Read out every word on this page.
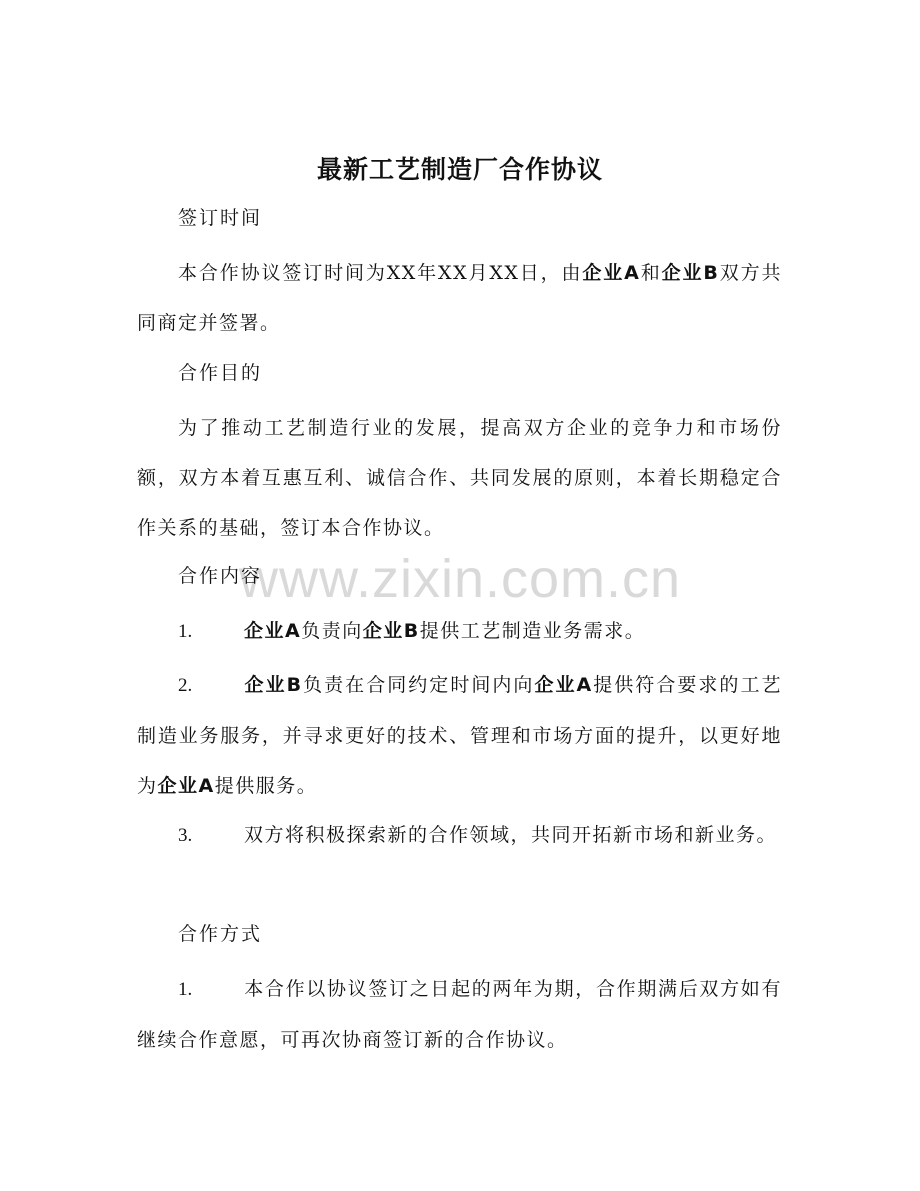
www.zixin.com.cn
最新工艺制造厂合作协议
签订时间
本合作协议签订时间为XX年XX月XX日，由企业A和企业B双方共同商定并签署。
合作目的
为了推动工艺制造行业的发展，提高双方企业的竞争力和市场份额，双方本着互惠互利、诚信合作、共同发展的原则，本着长期稳定合作关系的基础，签订本合作协议。
合作内容
1.	企业A负责向企业B提供工艺制造业务需求。
2.	企业B负责在合同约定时间内向企业A提供符合要求的工艺制造业务服务，并寻求更好的技术、管理和市场方面的提升，以更好地为企业A提供服务。
3.	双方将积极探索新的合作领域，共同开拓新市场和新业务。
合作方式
1.	本合作以协议签订之日起的两年为期，合作期满后双方如有继续合作意愿，可再次协商签订新的合作协议。
